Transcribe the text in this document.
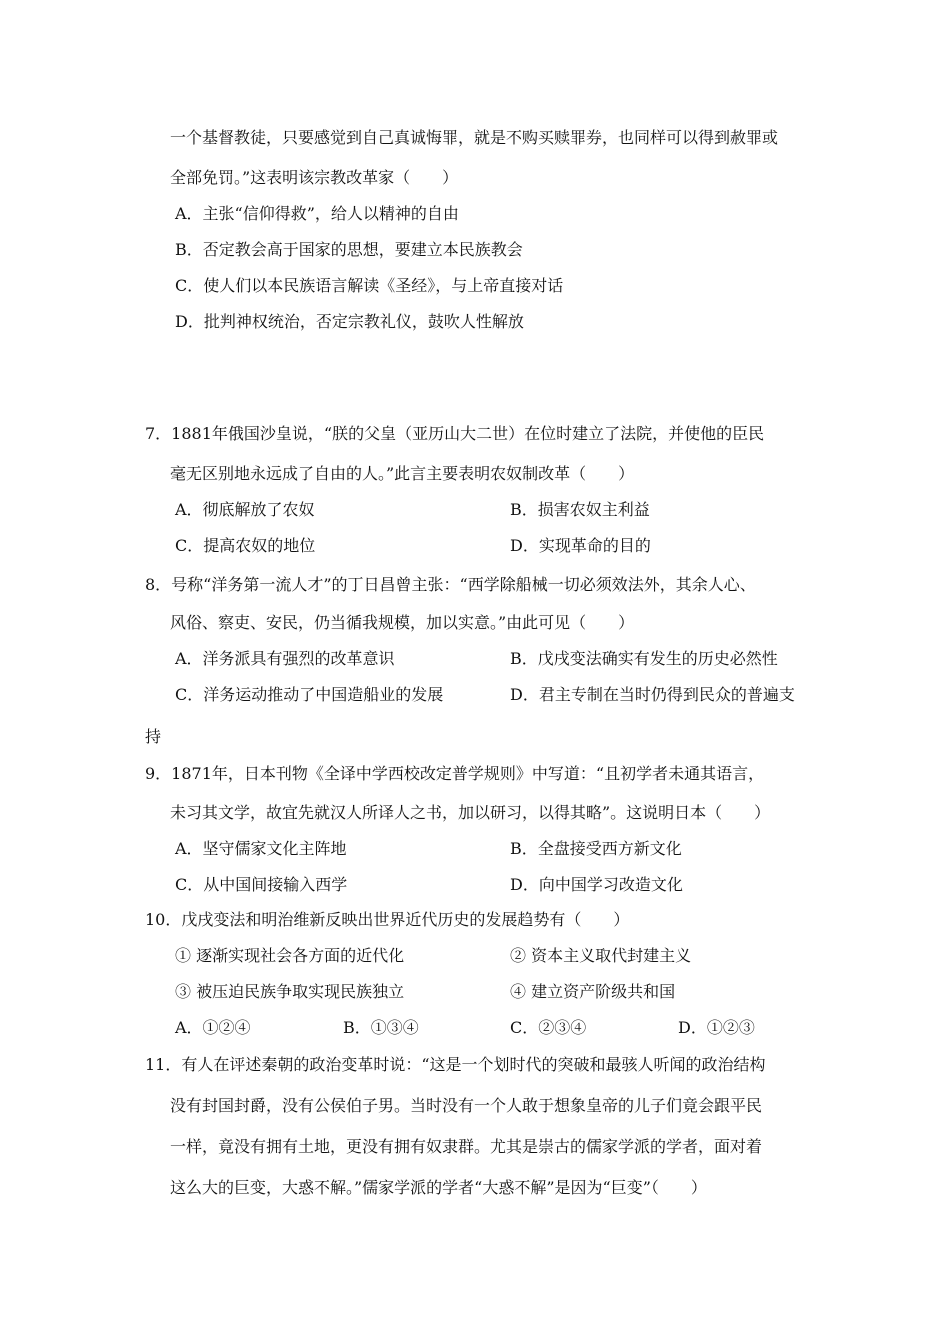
一个基督教徒，只要感觉到自己真诚悔罪，就是不购买赎罪券，也同样可以得到赦罪或
全部免罚。”这表明该宗教改革家（　　）
A．主张“信仰得救”，给人以精神的自由
B．否定教会高于国家的思想，要建立本民族教会
C．使人们以本民族语言解读《圣经》，与上帝直接对话
D．批判神权统治，否定宗教礼仪，鼓吹人性解放
7．1881年俄国沙皇说，“朕的父皇（亚历山大二世）在位时建立了法院，并使他的臣民
毫无区别地永远成了自由的人。”此言主要表明农奴制改革（　　）
A．彻底解放了农奴	B．损害农奴主利益
C．提高农奴的地位	D．实现革命的目的
8．号称“洋务第一流人才”的丁日昌曾主张：“西学除船械一切必须效法外，其余人心、
风俗、察吏、安民，仍当循我规模，加以实意。”由此可见（　　）
A．洋务派具有强烈的改革意识	B．戊戌变法确实有发生的历史必然性
C．洋务运动推动了中国造船业的发展	D．君主专制在当时仍得到民众的普遍支
持
9．1871年，日本刊物《全译中学西校改定普学规则》中写道：“且初学者未通其语言，
未习其文学，故宜先就汉人所译人之书，加以研习，以得其略”。这说明日本（　　）
A．坚守儒家文化主阵地	B．全盘接受西方新文化
C．从中国间接输入西学	D．向中国学习改造文化
10．戊戌变法和明治维新反映出世界近代历史的发展趋势有（　　）
① 逐渐实现社会各方面的近代化	② 资本主义取代封建主义
③ 被压迫民族争取实现民族独立	④ 建立资产阶级共和国
A．①②④	B．①③④	C．②③④	D．①②③
11．有人在评述秦朝的政治变革时说：“这是一个划时代的突破和最骇人听闻的政治结构
没有封国封爵，没有公侯伯子男。当时没有一个人敢于想象皇帝的儿子们竟会跟平民
一样，竟没有拥有土地，更没有拥有奴隶群。尤其是崇古的儒家学派的学者，面对着
这么大的巨变，大惑不解。”儒家学派的学者“大惑不解”是因为“巨变”（　　）
